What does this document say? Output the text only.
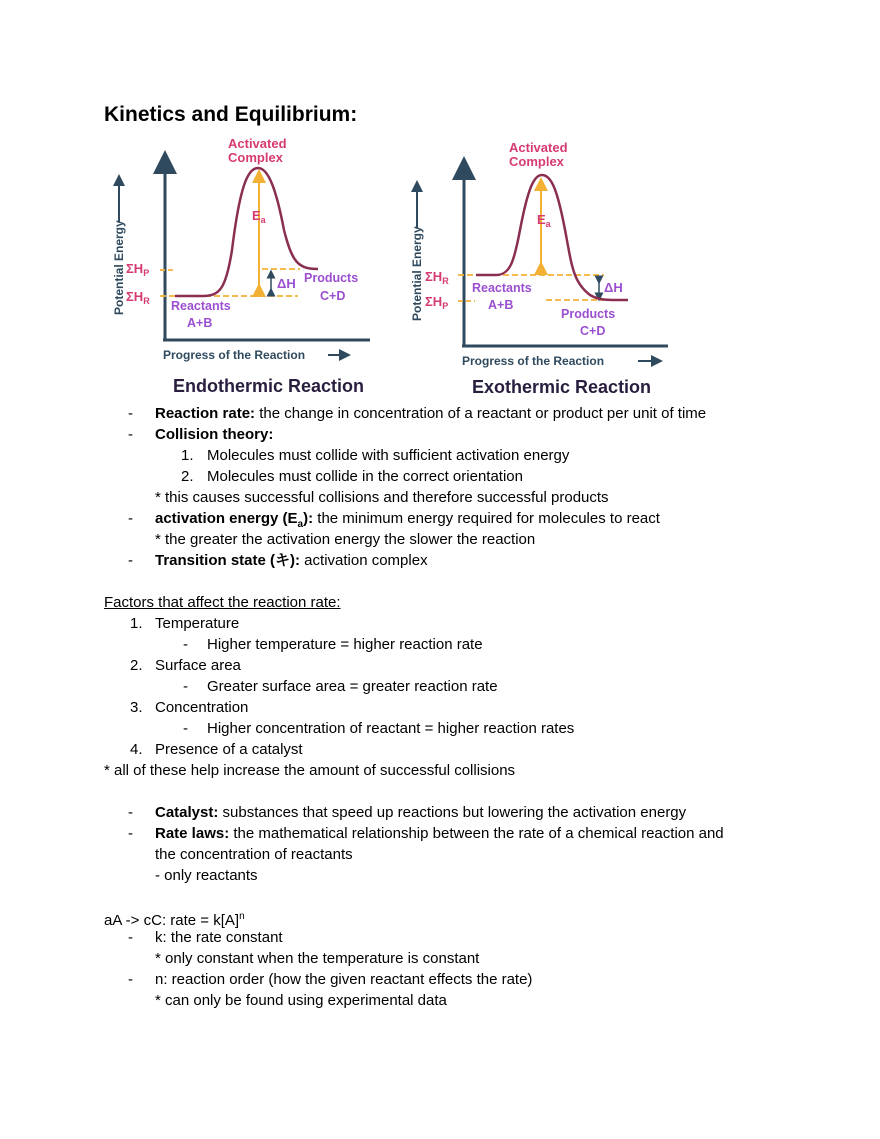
Kinetics and Equilibrium:
Potential Energy
Progress of the Reaction
Activated
Complex
$E_a$
ΔH
$\Sigma H_P$
$\Sigma H_R$ Reactants
A+B
Products
C+D
Endothermic Reaction
Potential Energy
Progress of the Reaction
Activated
Complex
$E_a$
ΔH
$\Sigma H_R$
$\Sigma H_P$
Reactants
A+B
Products
C+D
Exothermic Reaction
- Reaction rate: the change in concentration of a reactant or product per unit of time
- Collision theory:
1. Molecules must collide with sufficient activation energy
2. Molecules must collide in the correct orientation
* this causes successful collisions and therefore successful products
- activation energy $(E_a)$: the minimum energy required for molecules to react
* the greater the activation energy the slower the reaction
- Transition state (キ): activation complex
Factors that affect the reaction rate:
1. Temperature
- Higher temperature = higher reaction rate
2. Surface area
- Greater surface area = greater reaction rate
3. Concentration
- Higher concentration of reactant = higher reaction rates
4. Presence of a catalyst
* all of these help increase the amount of successful collisions
- Catalyst: substances that speed up reactions but lowering the activation energy
- Rate laws: the mathematical relationship between the rate of a chemical reaction and
the concentration of reactants
- only reactants
aA -> cC: rate = $k[A]^n$
- k: the rate constant
* only constant when the temperature is constant
- n: reaction order (how the given reactant effects the rate)
* can only be found using experimental data
